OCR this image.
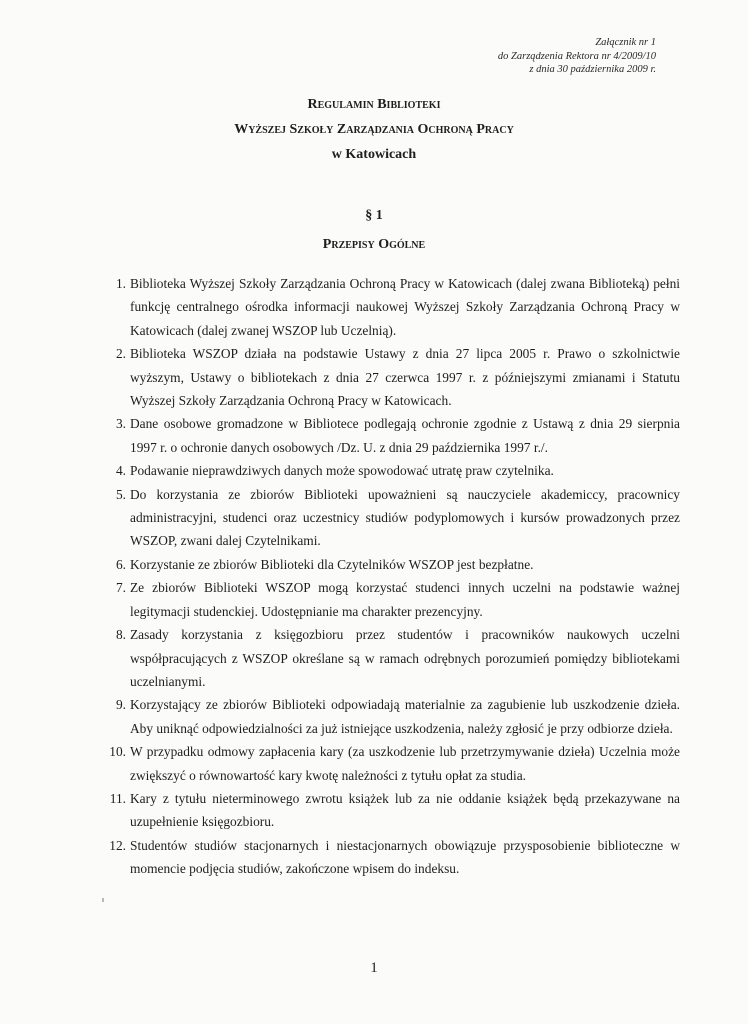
Załącznik nr 1
do Zarządzenia Rektora nr 4/2009/10
z dnia 30 października 2009 r.
Regulamin Biblioteki
Wyższej Szkoły Zarządzania Ochroną Pracy
w Katowicach
§ 1
Przepisy Ogólne
1. Biblioteka Wyższej Szkoły Zarządzania Ochroną Pracy w Katowicach (dalej zwana Biblioteką) pełni funkcję centralnego ośrodka informacji naukowej Wyższej Szkoły Zarządzania Ochroną Pracy w Katowicach (dalej zwanej WSZOP lub Uczelnią).
2. Biblioteka WSZOP działa na podstawie Ustawy z dnia 27 lipca 2005 r. Prawo o szkolnictwie wyższym, Ustawy o bibliotekach z dnia 27 czerwca 1997 r. z późniejszymi zmianami i Statutu Wyższej Szkoły Zarządzania Ochroną Pracy w Katowicach.
3. Dane osobowe gromadzone w Bibliotece podlegają ochronie zgodnie z Ustawą z dnia 29 sierpnia 1997 r. o ochronie danych osobowych /Dz. U. z dnia 29 października 1997 r./.
4. Podawanie nieprawdziwych danych może spowodować utratę praw czytelnika.
5. Do korzystania ze zbiorów Biblioteki upoważnieni są nauczyciele akademiccy, pracownicy administracyjni, studenci oraz uczestnicy studiów podyplomowych i kursów prowadzonych przez WSZOP, zwani dalej Czytelnikami.
6. Korzystanie ze zbiorów Biblioteki dla Czytelników WSZOP jest bezpłatne.
7. Ze zbiorów Biblioteki WSZOP mogą korzystać studenci innych uczelni na podstawie ważnej legitymacji studenckiej. Udostępnianie ma charakter prezencyjny.
8. Zasady korzystania z księgozbioru przez studentów i pracowników naukowych uczelni współpracujących z WSZOP określane są w ramach odrębnych porozumień pomiędzy bibliotekami uczelnianymi.
9. Korzystający ze zbiorów Biblioteki odpowiadają materialnie za zagubienie lub uszkodzenie dzieła. Aby uniknąć odpowiedzialności za już istniejące uszkodzenia, należy zgłosić je przy odbiorze dzieła.
10. W przypadku odmowy zapłacenia kary (za uszkodzenie lub przetrzymywanie dzieła) Uczelnia może zwiększyć o równowartość kary kwotę należności z tytułu opłat za studia.
11. Kary z tytułu nieterminowego zwrotu książek lub za nie oddanie książek będą przekazywane na uzupełnienie księgozbioru.
12. Studentów studiów stacjonarnych i niestacjonarnych obowiązuje przysposobienie biblioteczne w momencie podjęcia studiów, zakończone wpisem do indeksu.
1
